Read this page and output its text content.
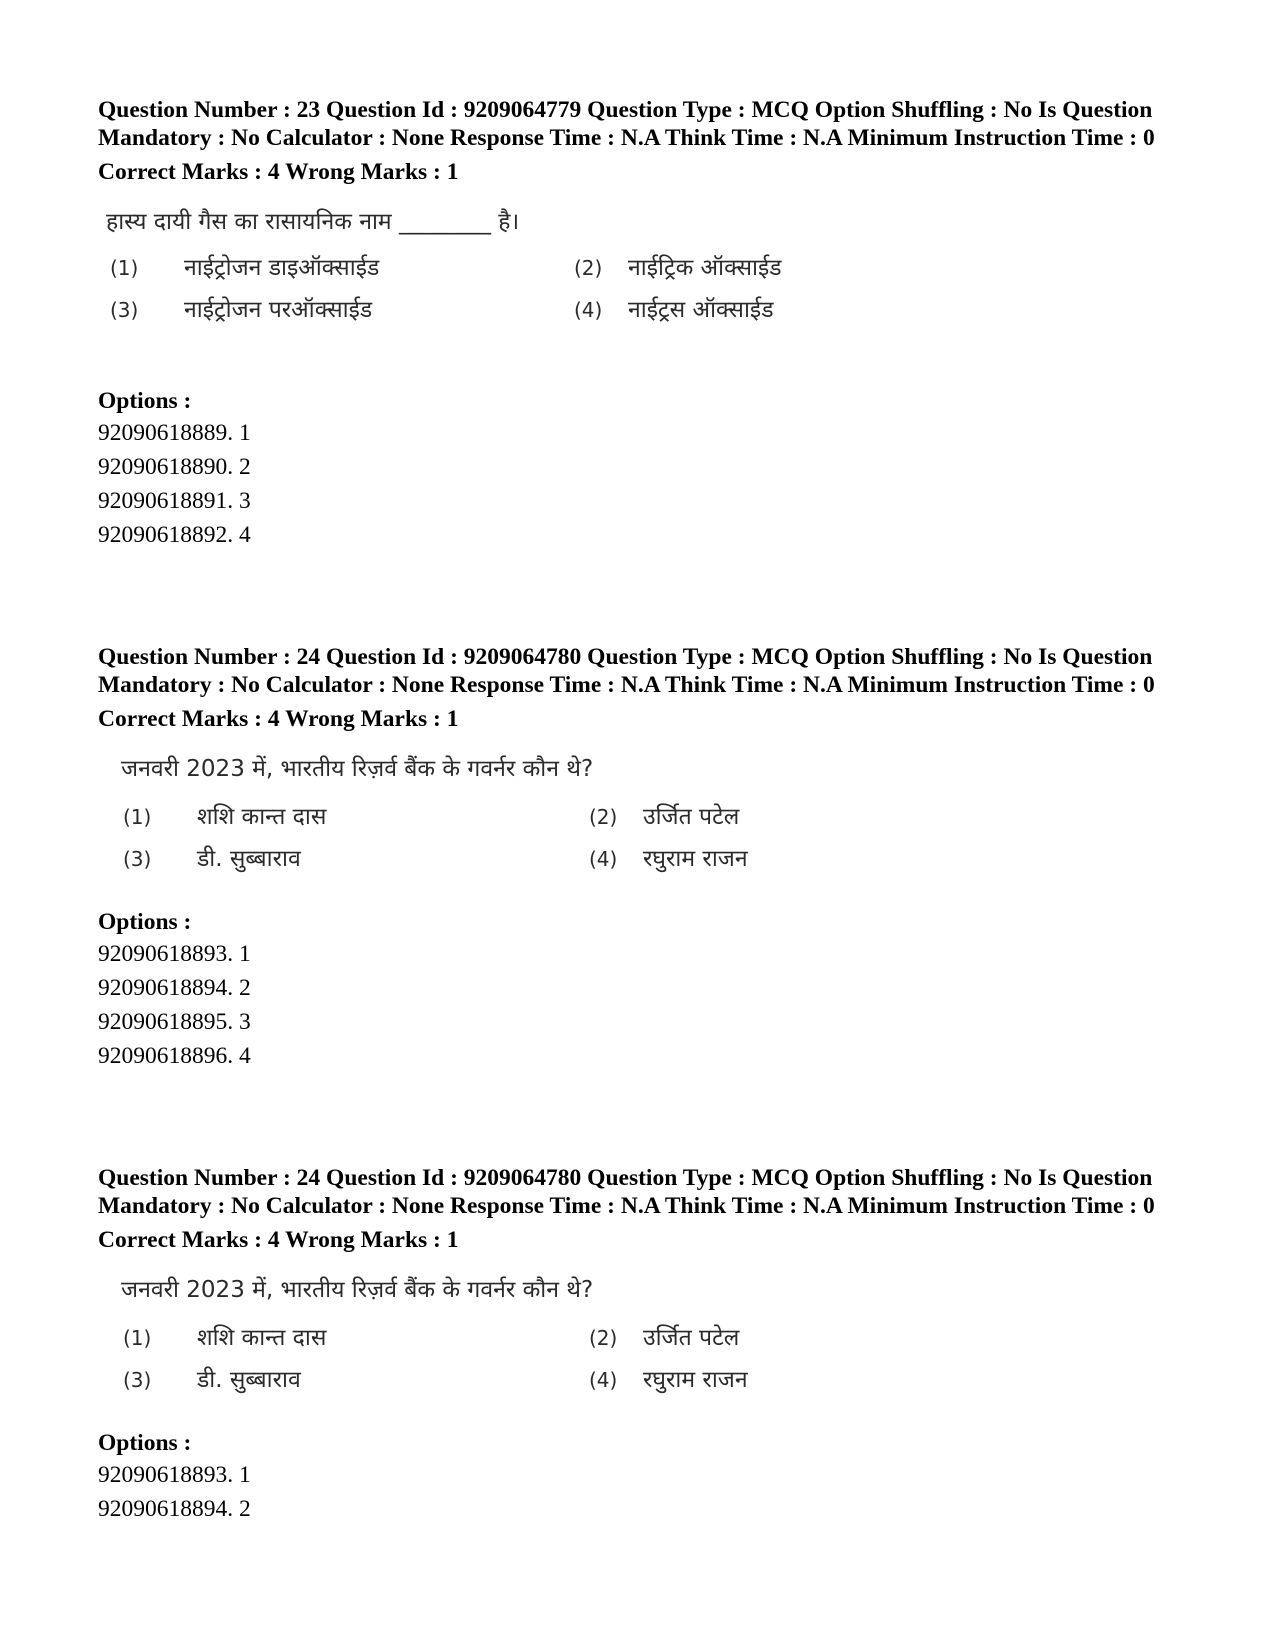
Question Number : 23 Question Id : 9209064779 Question Type : MCQ Option Shuffling : No Is Question Mandatory : No Calculator : None Response Time : N.A Think Time : N.A Minimum Instruction Time : 0

Correct Marks : 4 Wrong Marks : 1

हास्य दायी गैस का रासायनिक नाम ________ है।
(1) नाईट्रोजन डाइऑक्साईड	(2) नाईट्रिक ऑक्साईड
(3) नाईट्रोजन परऑक्साईड	(4) नाईट्रस ऑक्साईड

Options :

92090618889. 1

92090618890. 2

92090618891. 3

92090618892. 4

Question Number : 24 Question Id : 9209064780 Question Type : MCQ Option Shuffling : No Is Question Mandatory : No Calculator : None Response Time : N.A Think Time : N.A Minimum Instruction Time : 0

Correct Marks : 4 Wrong Marks : 1

जनवरी 2023 में, भारतीय रिज़र्व बैंक के गवर्नर कौन थे?
(1) शशि कान्त दास	(2) उर्जित पटेल
(3) डी. सुब्बाराव	(4) रघुराम राजन

Options :

92090618893. 1

92090618894. 2

92090618895. 3

92090618896. 4

Question Number : 24 Question Id : 9209064780 Question Type : MCQ Option Shuffling : No Is Question Mandatory : No Calculator : None Response Time : N.A Think Time : N.A Minimum Instruction Time : 0

Correct Marks : 4 Wrong Marks : 1

जनवरी 2023 में, भारतीय रिज़र्व बैंक के गवर्नर कौन थे?
(1) शशि कान्त दास	(2) उर्जित पटेल
(3) डी. सुब्बाराव	(4) रघुराम राजन

Options :

92090618893. 1

92090618894. 2
